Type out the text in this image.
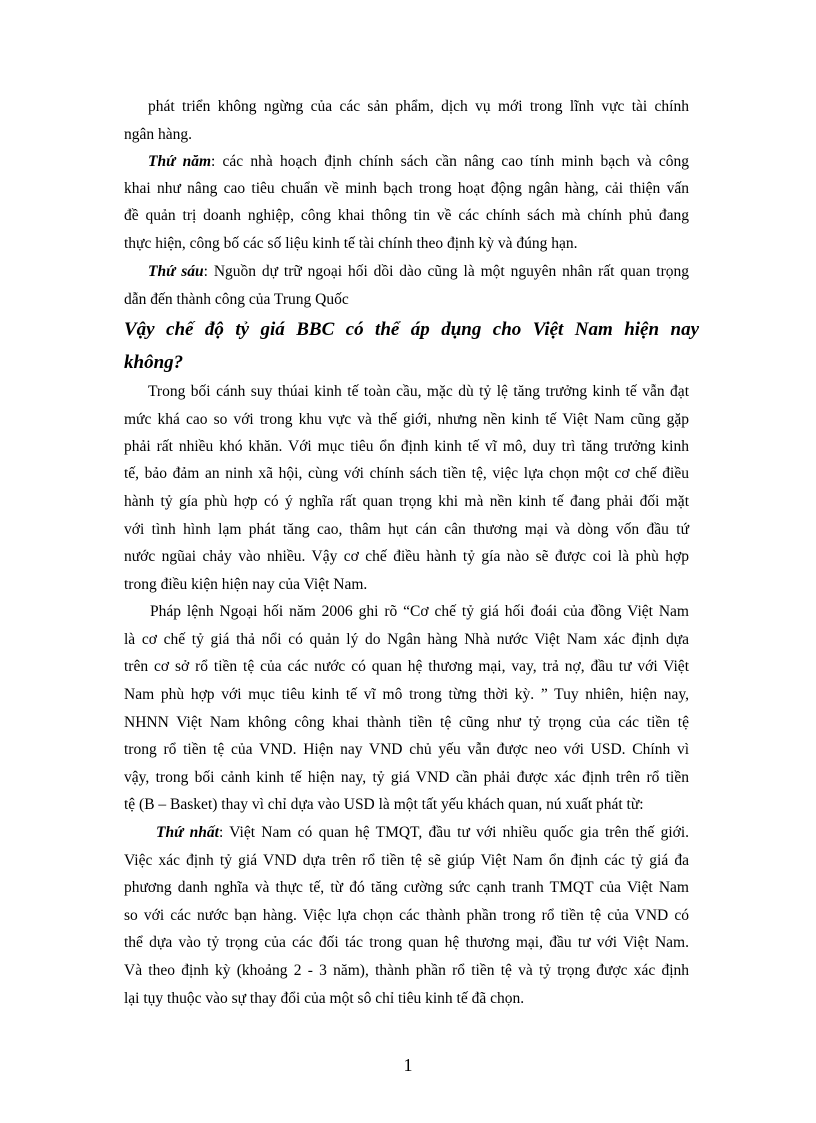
phát triển không ngừng của các sản phẩm, dịch vụ mới trong lĩnh vực tài chính
ngân hàng.
Thứ năm: các nhà hoạch định chính sách cần nâng cao tính minh bạch và công
khai như nâng cao tiêu chuẩn về minh bạch trong hoạt động ngân hàng, cải thiện vấn
đề quản trị doanh nghiệp, công khai thông tin về các chính sách mà chính phủ đang
thực hiện, công bố các số liệu kinh tế tài chính theo định kỳ và đúng hạn.
Thứ sáu: Nguồn dự trữ ngoại hối dồi dào cũng là một nguyên nhân rất quan trọng
dẫn đến thành công của Trung Quốc
Vậy chế độ tỷ giá BBC có thể áp dụng cho Việt Nam hiện nay
không?
Trong bối cánh suy thúai kinh tế toàn cầu, mặc dù tỷ lệ tăng trưởng kinh tế vẫn đạt
mức khá cao so với trong khu vực và thế giới, nhưng nền kinh tế Việt Nam cũng gặp
phải rất nhiều khó khăn. Với mục tiêu ổn định kinh tế vĩ mô, duy trì tăng trưởng kinh
tế, bảo đảm an ninh xã hội, cùng với chính sách tiền tệ, việc lựa chọn một cơ chế điều
hành tỷ gía phù hợp có ý nghĩa rất quan trọng khi mà nền kinh tế đang phải đối mặt
với tình hình lạm phát tăng cao, thâm hụt cán cân thương mại và dòng vốn đầu tứ
nước ngũai chảy vào nhiều. Vậy cơ chế điều hành tỷ gía nào sẽ được coi là phù hợp
trong điều kiện hiện nay của Việt Nam.
Pháp lệnh Ngoại hối năm 2006 ghi rõ “Cơ chế tỷ giá hối đoái của đồng Việt Nam
là cơ chế tỷ giá thả nổi có quản lý do Ngân hàng Nhà nước Việt Nam xác định dựa
trên cơ sở rổ tiền tệ của các nước có quan hệ thương mại, vay, trả nợ, đầu tư với Việt
Nam phù hợp với mục tiêu kinh tế vĩ mô trong từng thời kỳ. ” Tuy nhiên, hiện nay,
NHNN Việt Nam không công khai thành tiền tệ cũng như tỷ trọng của các tiền tệ
trong rổ tiền tệ của VND. Hiện nay VND chủ yếu vẫn được neo với USD. Chính vì
vậy, trong bối cảnh kinh tế hiện nay, tỷ giá VND cần phải được xác định trên rổ tiền
tệ (B – Basket) thay vì chỉ dựa vào USD là một tất yếu khách quan, nú xuất phát từ:
Thứ nhất: Việt Nam có quan hệ TMQT, đầu tư với nhiều quốc gia trên thế giới.
Việc xác định tỷ giá VND dựa trên rổ tiền tệ sẽ giúp Việt Nam ổn định các tỷ giá đa
phương danh nghĩa và thực tế, từ đó tăng cường sức cạnh tranh TMQT của Việt Nam
so với các nước bạn hàng. Việc lựa chọn các thành phần trong rổ tiền tệ của VND có
thể dựa vào tỷ trọng của các đối tác trong quan hệ thương mại, đầu tư với Việt Nam.
Và theo định kỳ (khoảng 2 - 3 năm), thành phần rổ tiền tệ và tỷ trọng được xác định
lại tụy thuộc vào sự thay đổi của một sô chỉ tiêu kinh tế đã chọn.
1
